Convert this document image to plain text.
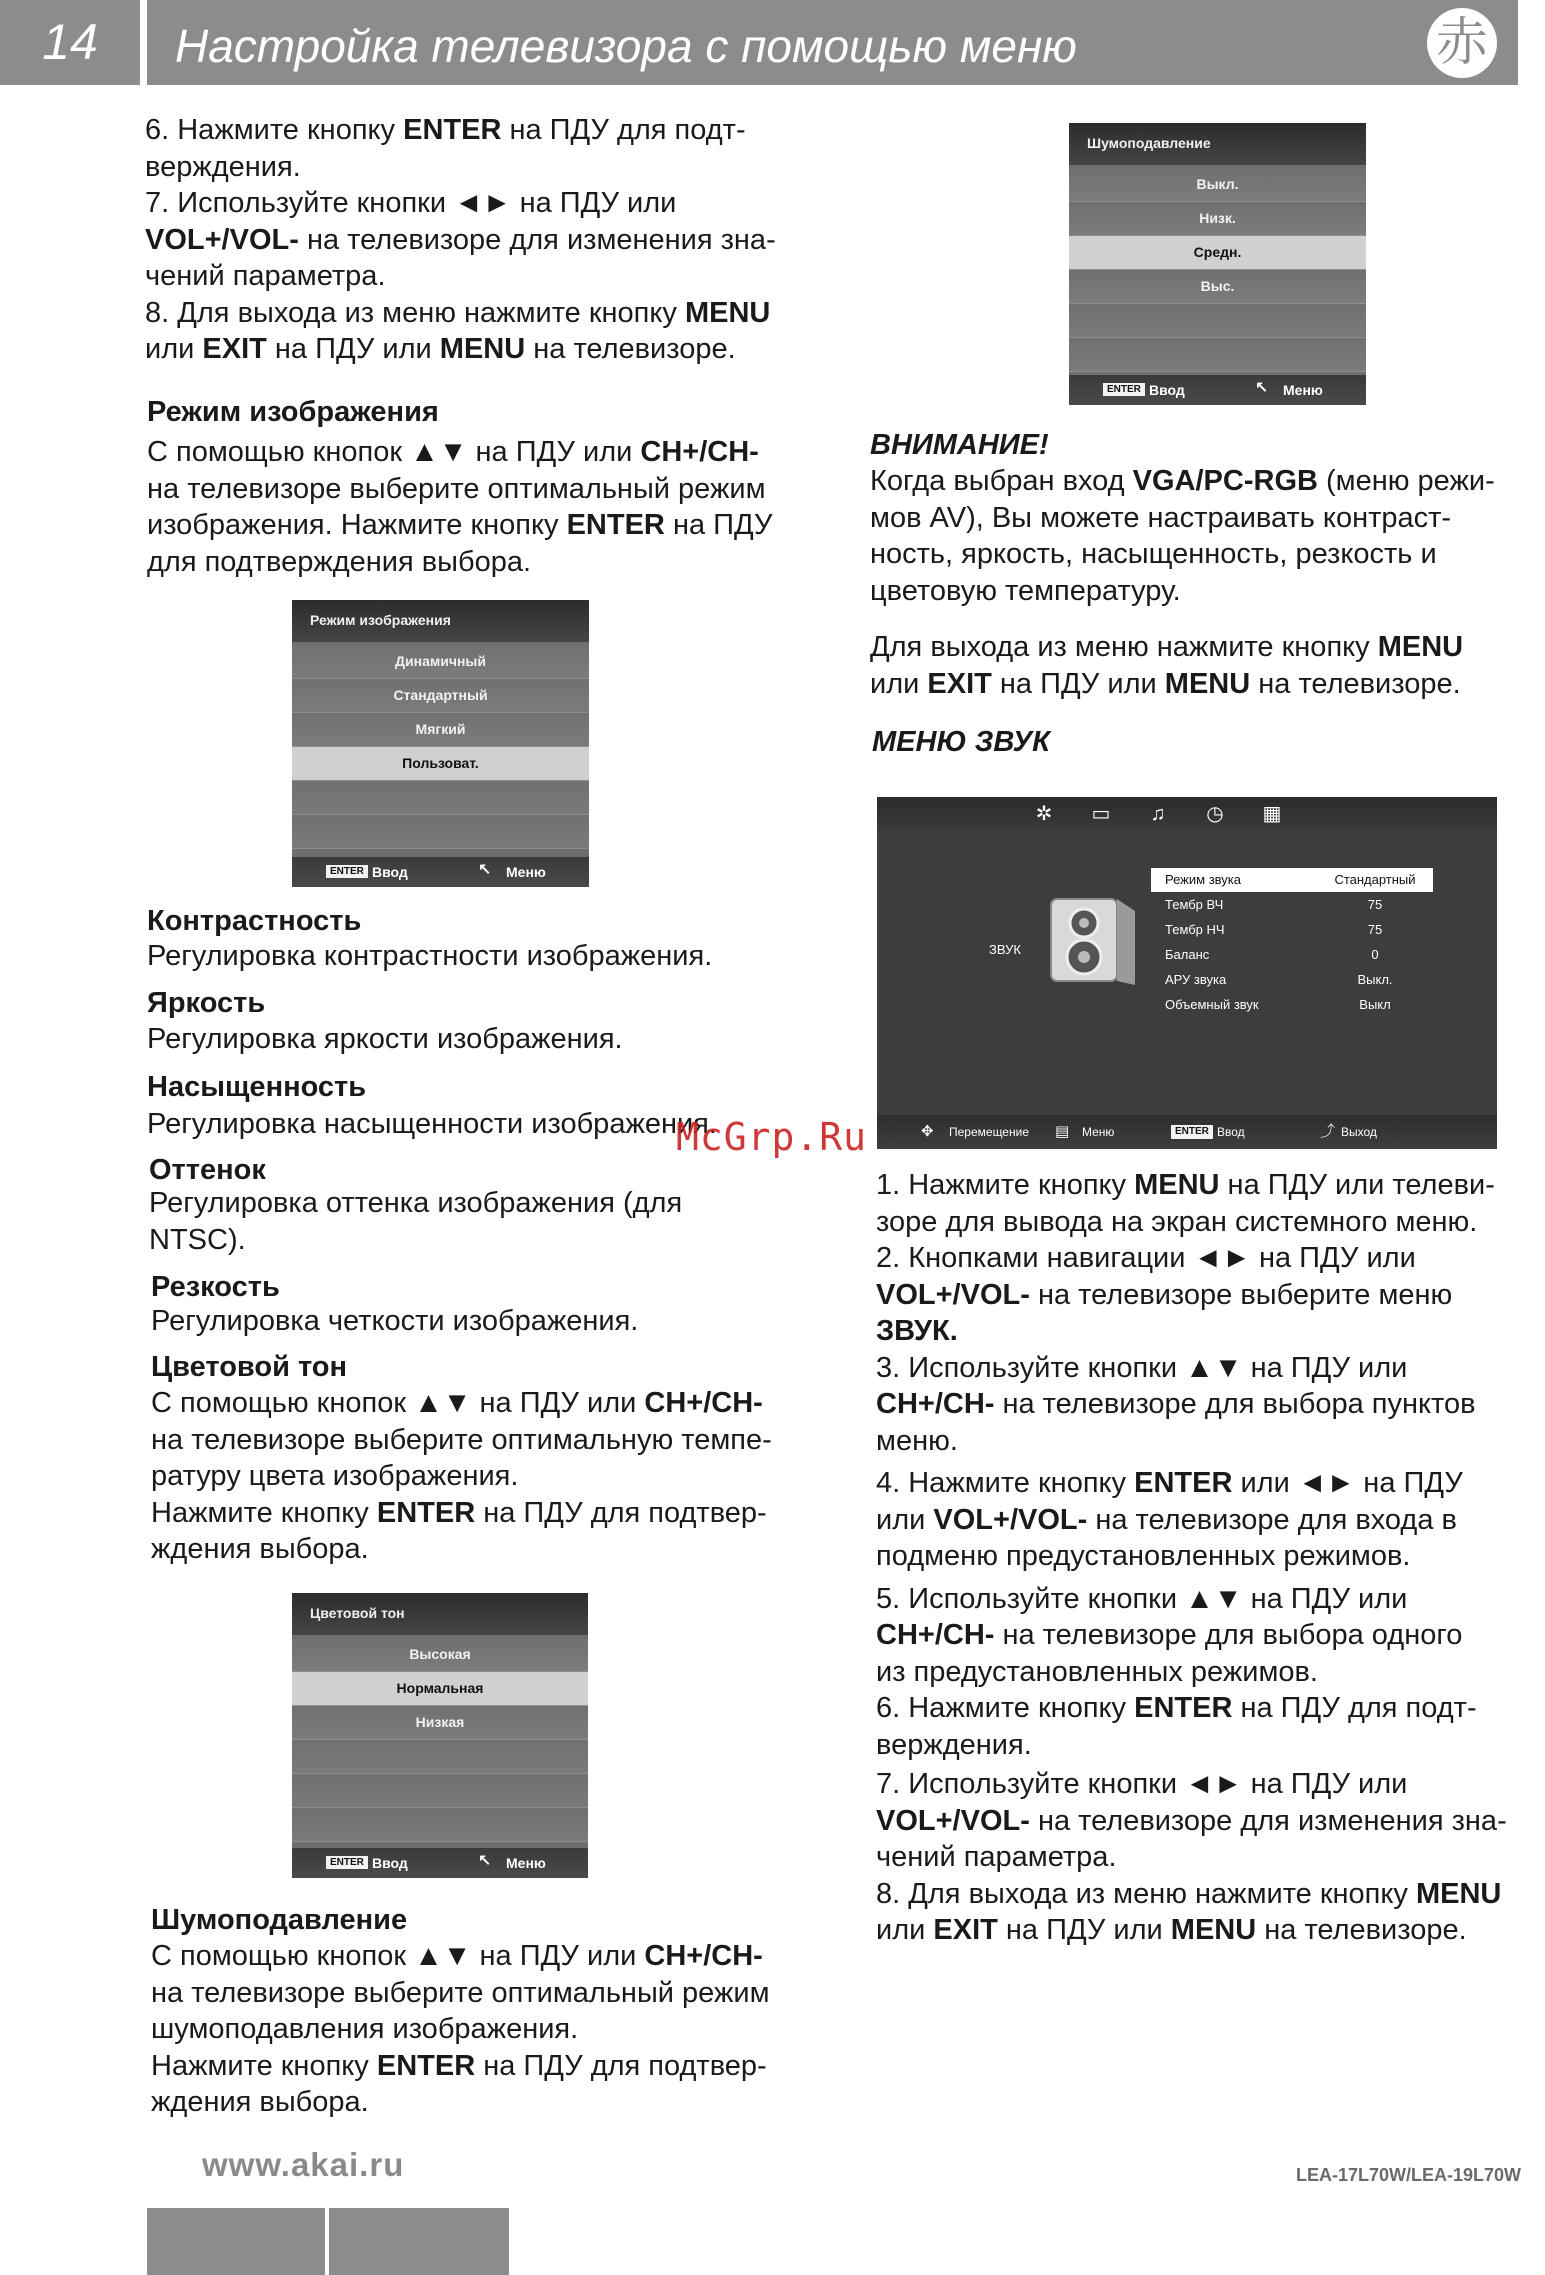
14	Настройка телевизора с помощью меню	赤
6. Нажмите кнопку ENTER на ПДУ для подт-
верждения.
7. Используйте кнопки ◄► на ПДУ или
VOL+/VOL- на телевизоре для изменения зна-
чений параметра.
8. Для выхода из меню нажмите кнопку MENU
или EXIT на ПДУ или MENU на телевизоре.
Режим изображения
С помощью кнопок ▲▼ на ПДУ или CH+/CH-
на телевизоре выберите оптимальный режим
изображения. Нажмите кнопку ENTER на ПДУ
для подтверждения выбора.
Режим изображения
Динамичный
Стандартный
Мягкий
Пользоват.
ENTER Ввод	↖ Меню
Контрастность
Регулировка контрастности изображения.
Яркость
Регулировка яркости изображения.
Насыщенность
Регулировка насыщенности изображения.
Оттенок
Регулировка оттенка изображения (для
NTSC).
Резкость
Регулировка четкости изображения.
Цветовой тон
С помощью кнопок ▲▼ на ПДУ или CH+/CH-
на телевизоре выберите оптимальную темпе-
ратуру цвета изображения.
Нажмите кнопку ENTER на ПДУ для подтвер-
ждения выбора.
Цветовой тон
Высокая
Нормальная
Низкая
ENTER Ввод	↖ Меню
Шумоподавление
С помощью кнопок ▲▼ на ПДУ или CH+/CH-
на телевизоре выберите оптимальный режим
шумоподавления изображения.
Нажмите кнопку ENTER на ПДУ для подтвер-
ждения выбора.
Шумоподавление
Выкл.
Низк.
Средн.
Выс.
ENTER Ввод	↖ Меню
ВНИМАНИЕ!
Когда выбран вход VGA/PC-RGB (меню режи-
мов AV), Вы можете настраивать контраст-
ность, яркость, насыщенность, резкость и
цветовую температуру.
Для выхода из меню нажмите кнопку MENU
или EXIT на ПДУ или MENU на телевизоре.
МЕНЮ ЗВУК
✲ ▭ ♫ ◷ ▦
ЗВУК
Режим звука	Стандартный
Тембр ВЧ	75
Тембр НЧ	75
Баланс	0
АРУ звука	Выкл.
Объемный звук	Выкл
✥ Перемещение ▤ Меню	ENTER Ввод	⤴ Выход
McGrp.Ru
1. Нажмите кнопку MENU на ПДУ или телеви-
зоре для вывода на экран системного меню.
2. Кнопками навигации ◄► на ПДУ или
VOL+/VOL- на телевизоре выберите меню
ЗВУК.
3. Используйте кнопки ▲▼ на ПДУ или
CH+/CH- на телевизоре для выбора пунктов
меню.
4. Нажмите кнопку ENTER или ◄► на ПДУ
или VOL+/VOL- на телевизоре для входа в
подменю предустановленных режимов.
5. Используйте кнопки ▲▼ на ПДУ или
CH+/CH- на телевизоре для выбора одного
из предустановленных режимов.
6. Нажмите кнопку ENTER на ПДУ для подт-
верждения.
7. Используйте кнопки ◄► на ПДУ или
VOL+/VOL- на телевизоре для изменения зна-
чений параметра.
8. Для выхода из меню нажмите кнопку MENU
или EXIT на ПДУ или MENU на телевизоре.
www.akai.ru	LEA-17L70W/LEA-19L70W
